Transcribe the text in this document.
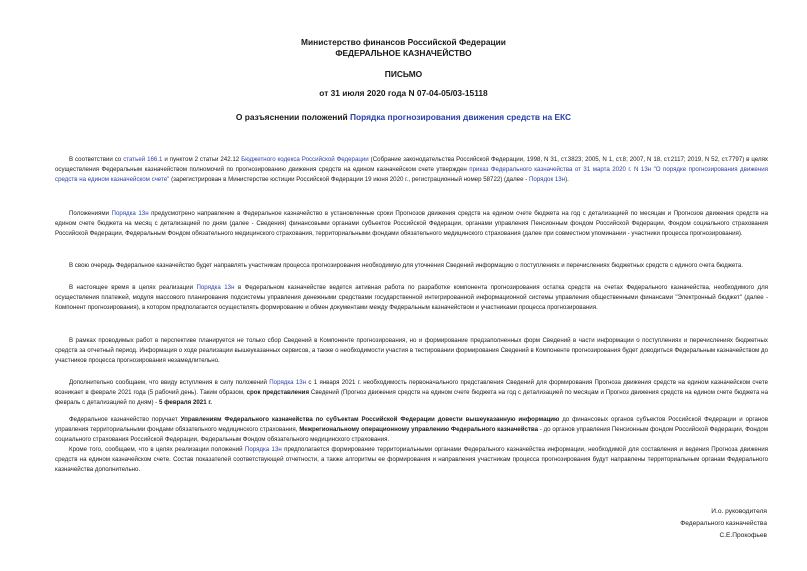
Министерство финансов Российской Федерации
ФЕДЕРАЛЬНОЕ КАЗНАЧЕЙСТВО
ПИСЬМО
от 31 июля 2020 года N 07-04-05/03-15118
О разъяснении положений Порядка прогнозирования движения средств на ЕКС

В соответствии со статьей 166.1 и пунктом 2 статьи 242.12 Бюджетного кодекса Российской Федерации (Собрание законодательства Российской Федерации, 1998, N 31, ст.3823; 2005, N 1, ст.8; 2007, N 18, ст.2117; 2019, N 52, ст.7797) в целях осуществления Федеральным казначейством полномочий по прогнозированию движения средств на едином казначейском счете утвержден приказ Федерального казначейства от 31 марта 2020 г. N 13н "О порядке прогнозирования движения средств на едином казначейском счете" (зарегистрирован в Министерстве юстиции Российской Федерации 19 июня 2020 г., регистрационный номер 58722) (далее - Порядок 13н).

Положениями Порядка 13н предусмотрено направление в Федеральное казначейство в установленные сроки Прогнозов движения средств на едином счете бюджета на год с детализацией по месяцам и Прогнозов движения средств на едином счете бюджета на месяц с детализацией по дням (далее - Сведения) финансовыми органами субъектов Российской Федерации, органами управления Пенсионным фондом Российской Федерации, Фондом социального страхования Российской Федерации, Федеральным Фондом обязательного медицинского страхования, территориальными фондами обязательного медицинского страхования (далее при совместном упоминании - участники процесса прогнозирования).

В свою очередь Федеральное казначейство будет направлять участникам процесса прогнозирования необходимую для уточнения Сведений информацию о поступлениях и перечислениях бюджетных средств с единого счета бюджета.

В настоящее время в целях реализации Порядка 13н в Федеральном казначействе ведется активная работа по разработке компонента прогнозирования остатка средств на счетах Федерального казначейства, необходимого для осуществления платежей, модуля массового планирования подсистемы управления денежными средствами государственной интегрированной информационной системы управления общественными финансами "Электронный бюджет" (далее - Компонент прогнозирования), в котором предполагается осуществлять формирование и обмен документами между Федеральным казначейством и участниками процесса прогнозирования.

В рамках проводимых работ в перспективе планируется не только сбор Сведений в Компоненте прогнозирования, но и формирование предзаполненных форм Сведений в части информации о поступлениях и перечислениях бюджетных средств за отчетный период. Информация о ходе реализации вышеуказанных сервисов, а также о необходимости участия в тестировании формирования Сведений в Компоненте прогнозирования будет доводиться Федеральным казначейством до участников процесса прогнозирования незамедлительно.

Дополнительно сообщаем, что ввиду вступления в силу положений Порядка 13н с 1 января 2021 г. необходимость первоначального представления Сведений для формирования Прогноза движения средств на едином казначейском счете возникает в феврале 2021 года (5 рабочий день). Таким образом, срок представления Сведений (Прогноз движения средств на едином счете бюджета на год с детализацией по месяцам и Прогноз движения средств на едином счете бюджета на февраль с детализацией по дням) - 5 февраля 2021 г.

Федеральное казначейство поручает Управлениям Федерального казначейства по субъектам Российской Федерации довести вышеуказанную информацию до финансовых органов субъектов Российской Федерации и органов управления территориальными фондами обязательного медицинского страхования, Межрегиональному операционному управлению Федерального казначейства - до органов управления Пенсионным фондом Российской Федерации, Фондом социального страхования Российской Федерации, Федеральным Фондом обязательного медицинского страхования.

Кроме того, сообщаем, что в целях реализации положений Порядка 13н предполагается формирование территориальными органами Федерального казначейства информации, необходимой для составления и ведения Прогноза движения средств на едином казначейском счете. Состав показателей соответствующей отчетности, а также алгоритмы ее формирования и направления участникам процесса прогнозирования будут направлены территориальным органам Федерального казначейства дополнительно.

И.о. руководителя
Федерального казначейства
С.Е.Прокофьев
